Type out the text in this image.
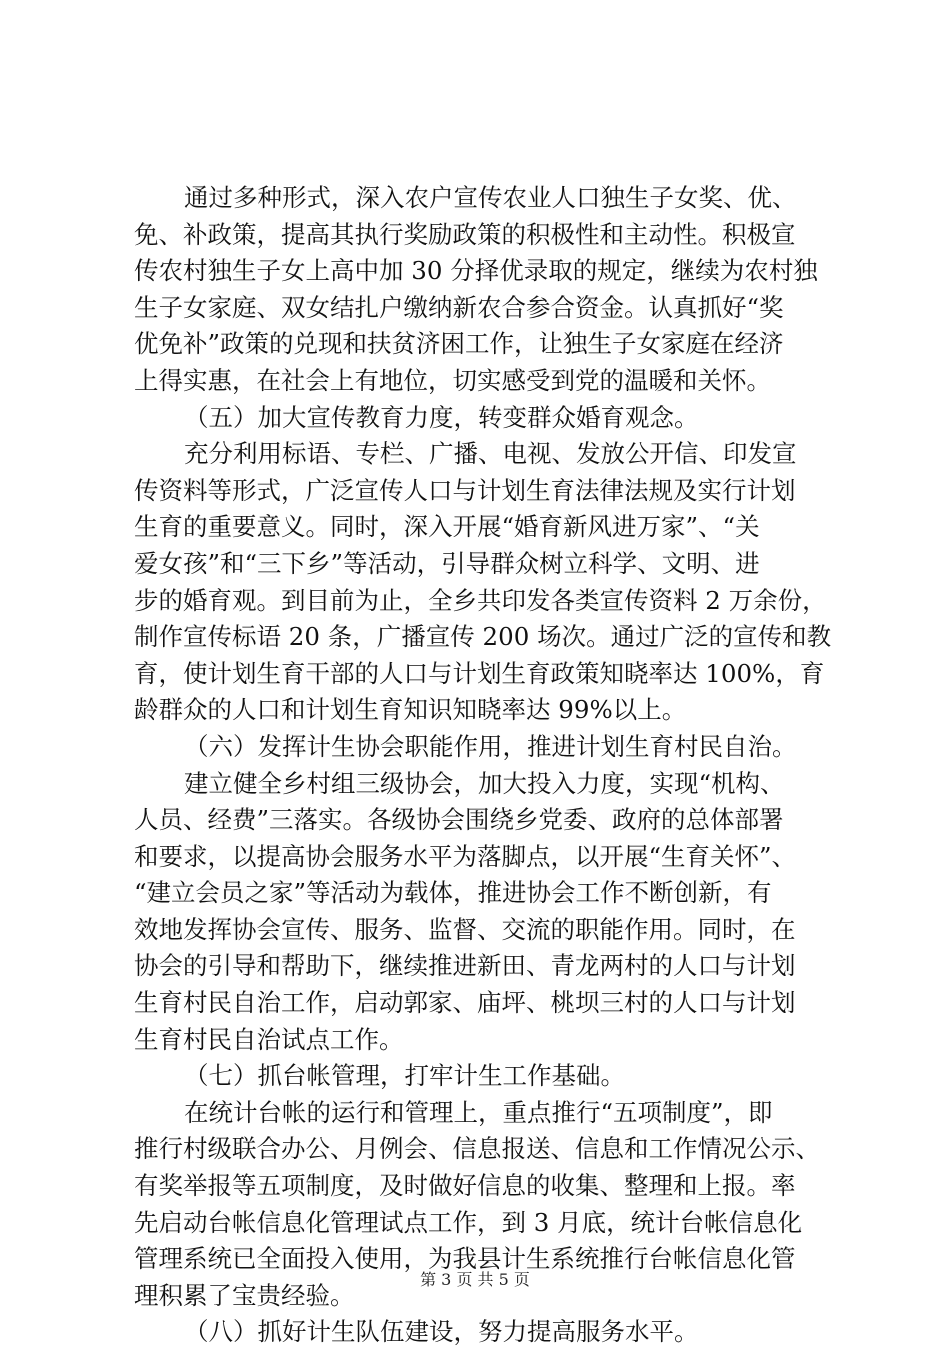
通过多种形式，深入农户宣传农业人口独生子女奖、优、
免、补政策，提高其执行奖励政策的积极性和主动性。积极宣
传农村独生子女上高中加 30 分择优录取的规定，继续为农村独
生子女家庭、双女结扎户缴纳新农合参合资金。认真抓好“奖
优免补”政策的兑现和扶贫济困工作，让独生子女家庭在经济
上得实惠，在社会上有地位，切实感受到党的温暖和关怀。
（五）加大宣传教育力度，转变群众婚育观念。
充分利用标语、专栏、广播、电视、发放公开信、印发宣
传资料等形式，广泛宣传人口与计划生育法律法规及实行计划
生育的重要意义。同时，深入开展“婚育新风进万家”、“关
爱女孩”和“三下乡”等活动，引导群众树立科学、文明、进
步的婚育观。到目前为止，全乡共印发各类宣传资料 2 万余份，
制作宣传标语 20 条，广播宣传 200 场次。通过广泛的宣传和教
育，使计划生育干部的人口与计划生育政策知晓率达 100%，育
龄群众的人口和计划生育知识知晓率达 99%以上。
（六）发挥计生协会职能作用，推进计划生育村民自治。
建立健全乡村组三级协会，加大投入力度，实现“机构、
人员、经费”三落实。各级协会围绕乡党委、政府的总体部署
和要求，以提高协会服务水平为落脚点，以开展“生育关怀”、
“建立会员之家”等活动为载体，推进协会工作不断创新，有
效地发挥协会宣传、服务、监督、交流的职能作用。同时，在
协会的引导和帮助下，继续推进新田、青龙两村的人口与计划
生育村民自治工作，启动郭家、庙坪、桃坝三村的人口与计划
生育村民自治试点工作。
（七）抓台帐管理，打牢计生工作基础。
在统计台帐的运行和管理上，重点推行“五项制度”，即
推行村级联合办公、月例会、信息报送、信息和工作情况公示、
有奖举报等五项制度，及时做好信息的收集、整理和上报。率
先启动台帐信息化管理试点工作，到 3 月底，统计台帐信息化
管理系统已全面投入使用，为我县计生系统推行台帐信息化管
理积累了宝贵经验。
（八）抓好计生队伍建设，努力提高服务水平。
第 3 页 共 5 页
